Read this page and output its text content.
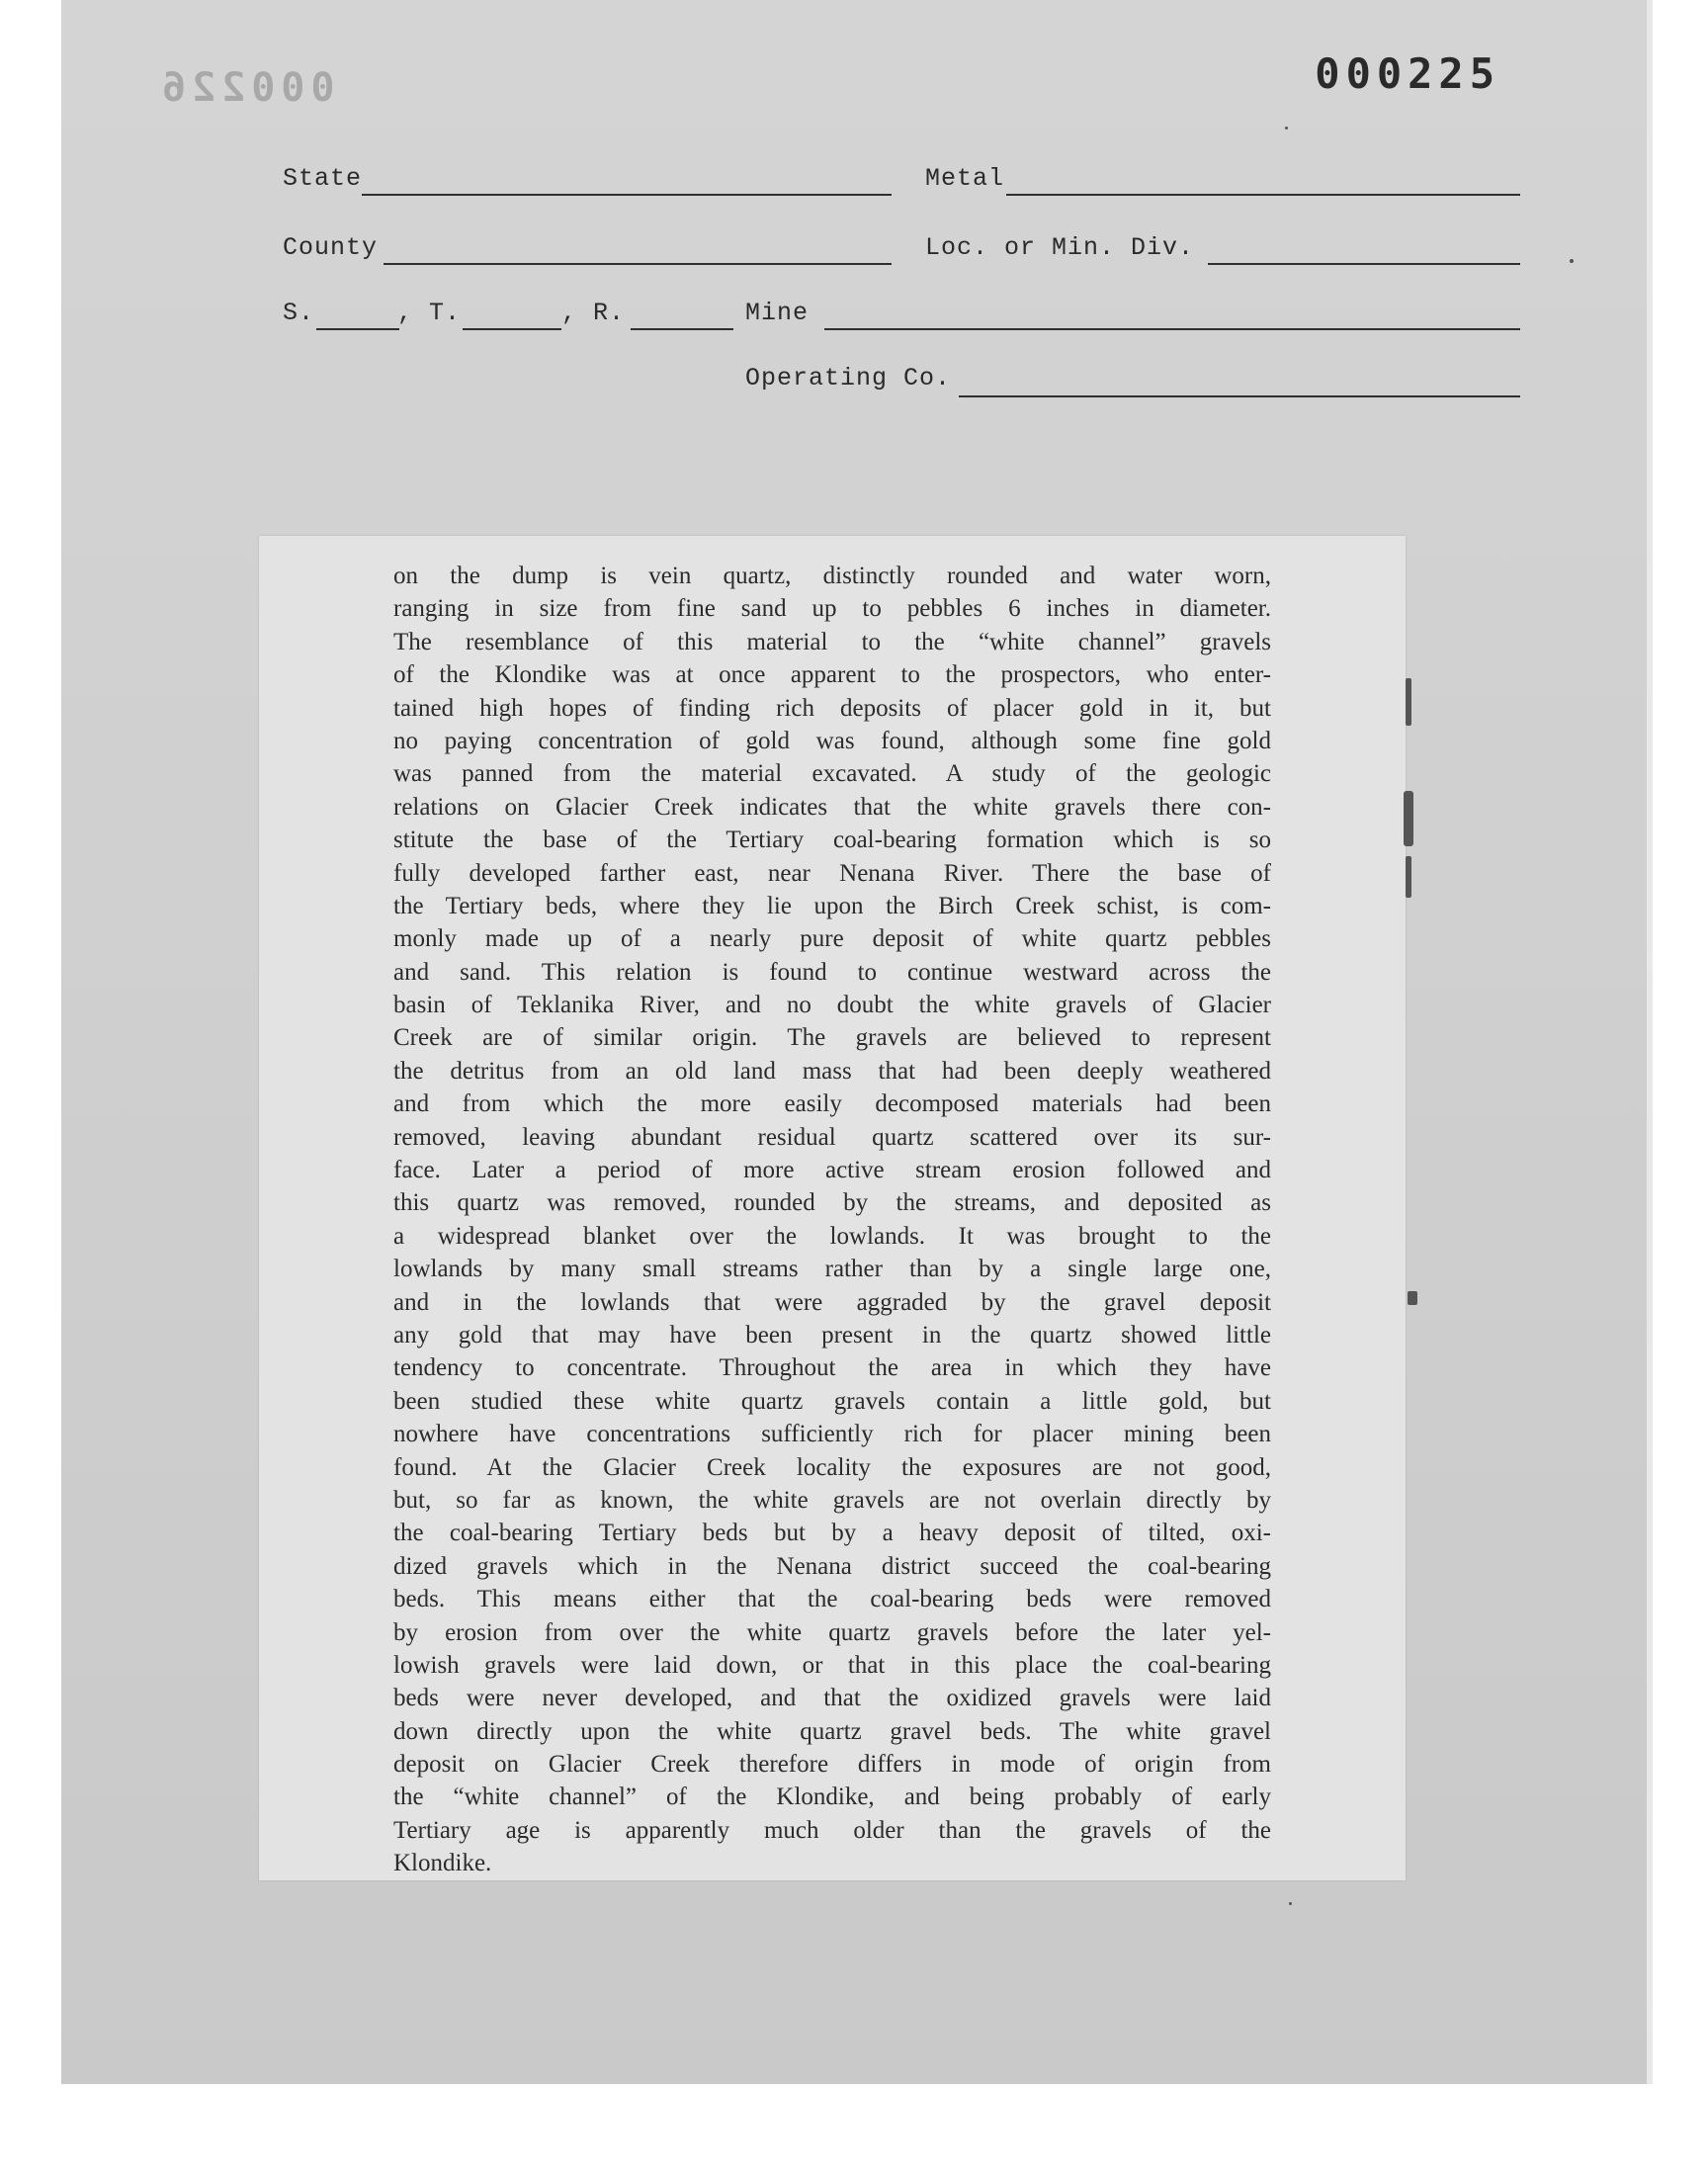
000226	000225
State	Metal
County	Loc. or Min. Div.
S.	, T.	, R.	Mine
Operating Co.
on the dump is vein quartz, distinctly rounded and water worn,
ranging in size from fine sand up to pebbles 6 inches in diameter.
The resemblance of this material to the “white channel” gravels
of the Klondike was at once apparent to the prospectors, who enter-
tained high hopes of finding rich deposits of placer gold in it, but
no paying concentration of gold was found, although some fine gold
was panned from the material excavated. A study of the geologic
relations on Glacier Creek indicates that the white gravels there con-
stitute the base of the Tertiary coal-bearing formation which is so
fully developed farther east, near Nenana River. There the base of
the Tertiary beds, where they lie upon the Birch Creek schist, is com-
monly made up of a nearly pure deposit of white quartz pebbles
and sand. This relation is found to continue westward across the
basin of Teklanika River, and no doubt the white gravels of Glacier
Creek are of similar origin. The gravels are believed to represent
the detritus from an old land mass that had been deeply weathered
and from which the more easily decomposed materials had been
removed, leaving abundant residual quartz scattered over its sur-
face. Later a period of more active stream erosion followed and
this quartz was removed, rounded by the streams, and deposited as
a widespread blanket over the lowlands. It was brought to the
lowlands by many small streams rather than by a single large one,
and in the lowlands that were aggraded by the gravel deposit
any gold that may have been present in the quartz showed little
tendency to concentrate. Throughout the area in which they have
been studied these white quartz gravels contain a little gold, but
nowhere have concentrations sufficiently rich for placer mining been
found. At the Glacier Creek locality the exposures are not good,
but, so far as known, the white gravels are not overlain directly by
the coal-bearing Tertiary beds but by a heavy deposit of tilted, oxi-
dized gravels which in the Nenana district succeed the coal-bearing
beds. This means either that the coal-bearing beds were removed
by erosion from over the white quartz gravels before the later yel-
lowish gravels were laid down, or that in this place the coal-bearing
beds were never developed, and that the oxidized gravels were laid
down directly upon the white quartz gravel beds. The white gravel
deposit on Glacier Creek therefore differs in mode of origin from
the “white channel” of the Klondike, and being probably of early
Tertiary age is apparently much older than the gravels of the
Klondike.
